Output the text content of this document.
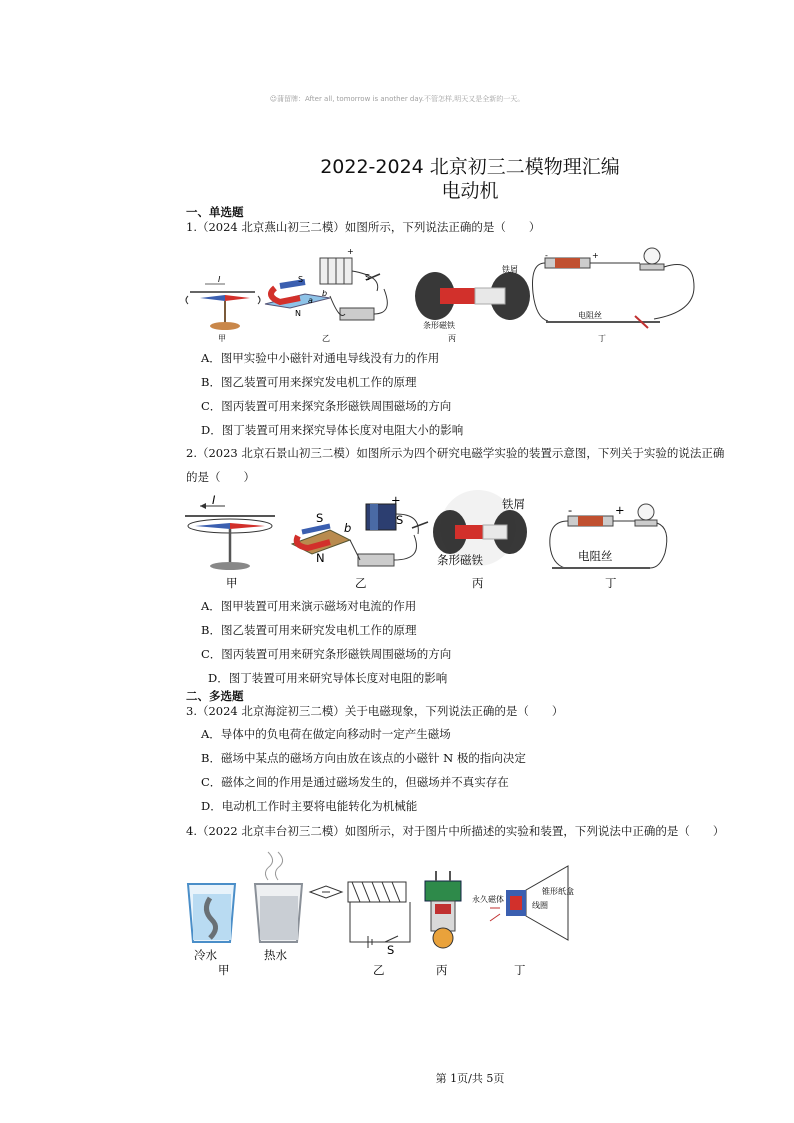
☺蒲留牌：After all, tomorrow is another day.不管怎样,明天又是全新的一天。
2022-2024 北京初三二模物理汇编
电动机
一、单选题
1.（2024 北京燕山初三二模）如图所示，下列说法正确的是（　　）
I
甲
S
N
b
a
S
+
乙
铁屑
条形磁铁
丙
-	+
电阻丝
丁
A．图甲实验中小磁针对通电导线没有力的作用
B．图乙装置可用来探究发电机工作的原理
C．图丙装置可用来探究条形磁铁周围磁场的方向
D．图丁装置可用来探究导体长度对电阻大小的影响
2.（2023 北京石景山初三二模）如图所示为四个研究电磁学实验的装置示意图，下列关于实验的说法正确
的是（　　）
I
甲
S
N
b
S
+
乙
铁屑
条形磁铁
丙
-	+
电阻丝
丁
A．图甲装置可用来演示磁场对电流的作用
B．图乙装置可用来研究发电机工作的原理
C．图丙装置可用来研究条形磁铁周围磁场的方向
D．图丁装置可用来研究导体长度对电阻的影响
二、多选题
3.（2024 北京海淀初三二模）关于电磁现象，下列说法正确的是（　　）
A．导体中的负电荷在做定向移动时一定产生磁场
B．磁场中某点的磁场方向由放在该点的小磁针 N 极的指向决定
C．磁体之间的作用是通过磁场发生的，但磁场并不真实存在
D．电动机工作时主要将电能转化为机械能
4.（2022 北京丰台初三二模）如图所示，对于图片中所描述的实验和装置，下列说法中正确的是（　　）
冷水	热水
甲
S
乙	丙
锥形纸盒
永久磁体
线圈
丁
第 1页/共 5页
